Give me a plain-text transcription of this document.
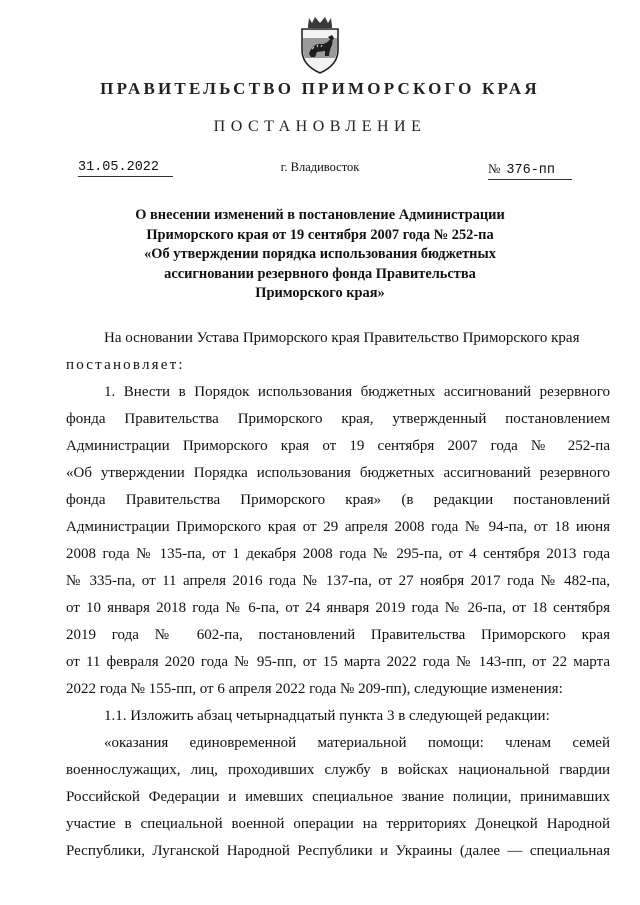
ПРАВИТЕЛЬСТВО ПРИМОРСКОГО КРАЯ
ПОСТАНОВЛЕНИЕ
31.05.2022	г. Владивосток	№ 376-пп
О внесении изменений в постановление Администрации
Приморского края от 19 сентября 2007 года № 252-па
«Об утверждении порядка использования бюджетных
ассигновании резервного фонда Правительства
Приморского края»
На основании Устава Приморского края Правительство Приморского края
постановляет:
1. Внести в Порядок использования бюджетных ассигнований резервного
фонда Правительства Приморского края, утвержденный постановлением
Администрации Приморского края от 19 сентября 2007 года № 252-па
«Об утверждении Порядка использования бюджетных ассигнований резервного
фонда Правительства Приморского края» (в редакции постановлений
Администрации Приморского края от 29 апреля 2008 года № 94-па, от 18 июня
2008 года № 135-па, от 1 декабря 2008 года № 295-па, от 4 сентября 2013 года
№ 335-па, от 11 апреля 2016 года № 137-па, от 27 ноября 2017 года № 482-па,
от 10 января 2018 года № 6-па, от 24 января 2019 года № 26-па, от 18 сентября
2019 года № 602-па, постановлений Правительства Приморского края
от 11 февраля 2020 года № 95-пп, от 15 марта 2022 года № 143-пп, от 22 марта
2022 года № 155-пп, от 6 апреля 2022 года № 209-пп), следующие изменения:
1.1. Изложить абзац четырнадцатый пункта 3 в следующей редакции:
«оказания единовременной материальной помощи: членам семей
военнослужащих, лиц, проходивших службу в войсках национальной гвардии
Российской Федерации и имевших специальное звание полиции, принимавших
участие в специальной военной операции на территориях Донецкой Народной
Республики, Луганской Народной Республики и Украины (далее — специальная
